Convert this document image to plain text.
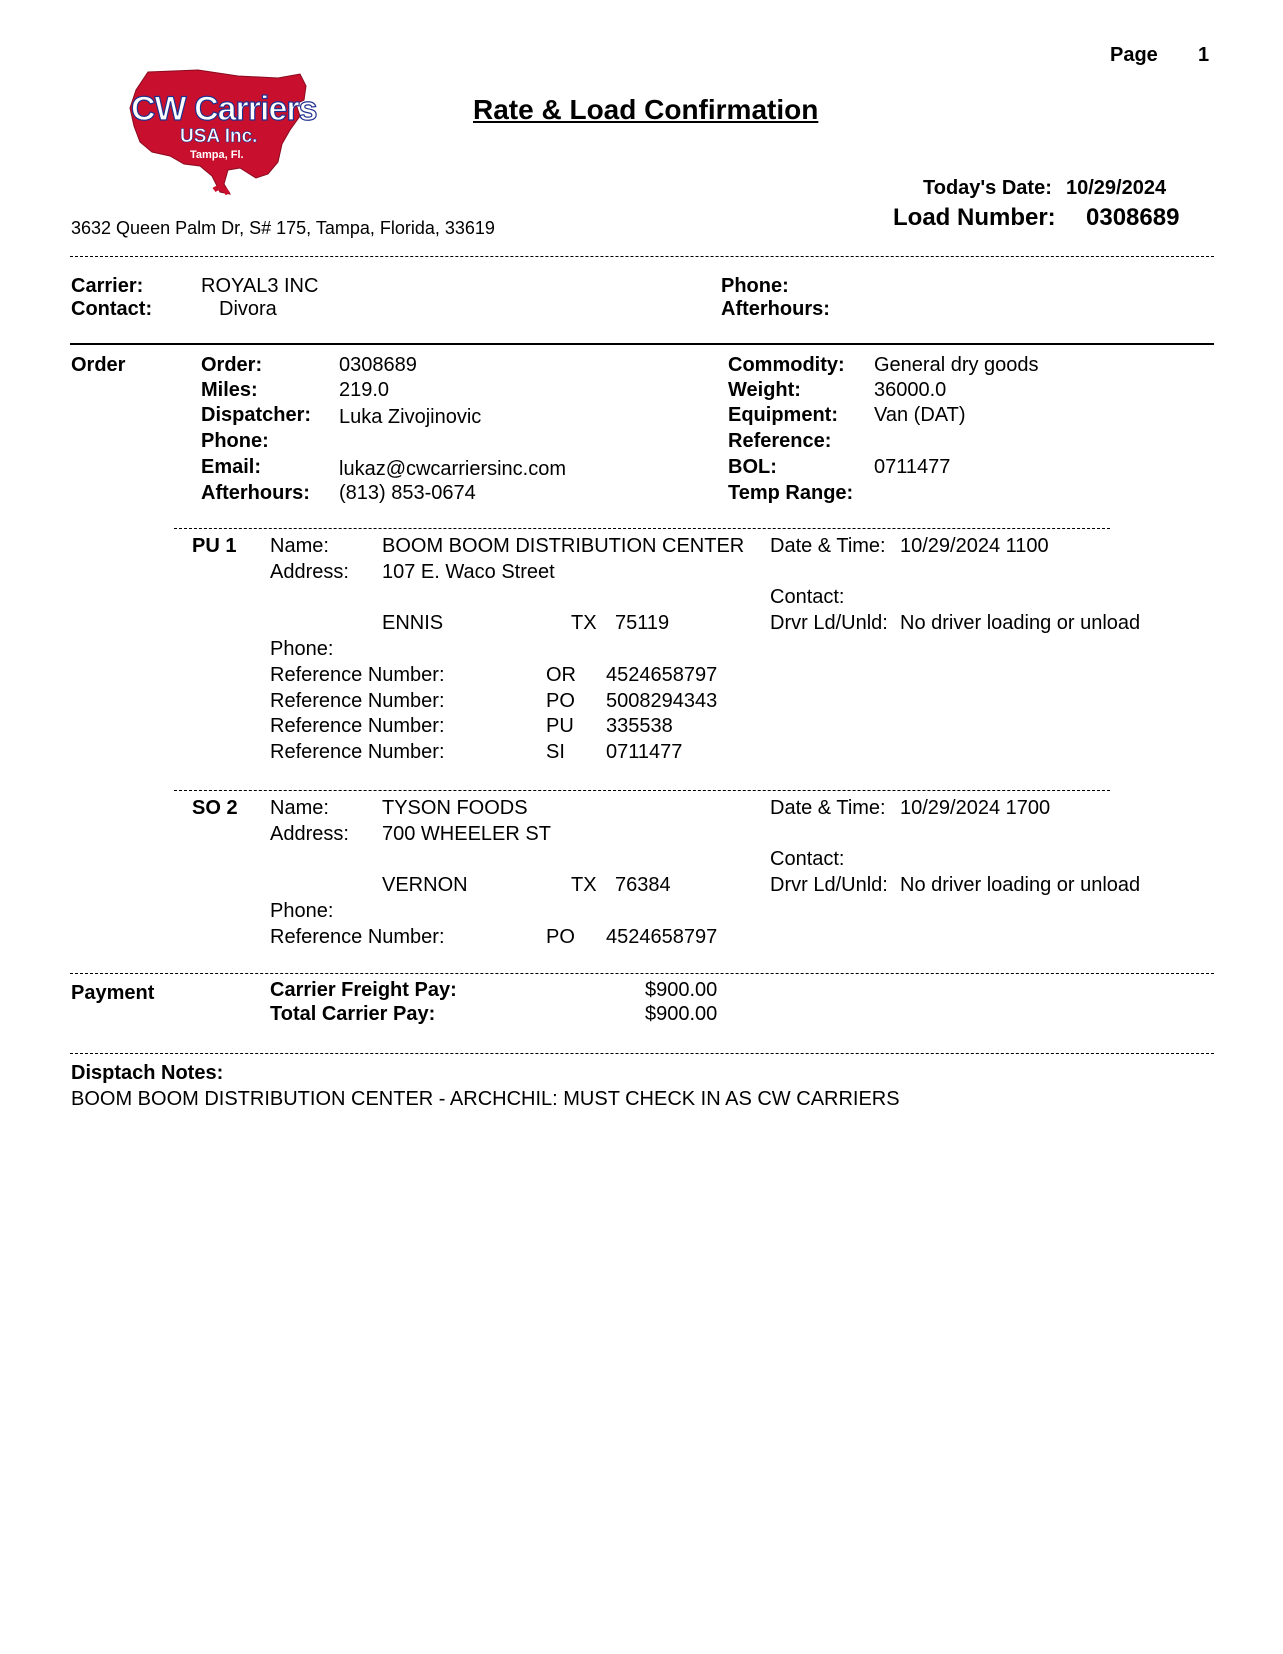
Page 1
CW Carriers
USA Inc.
Tampa, Fl.
Rate & Load Confirmation
Today's Date: 10/29/2024
Load Number: 0308689
3632 Queen Palm Dr, S# 175, Tampa, Florida, 33619
Carrier:	ROYAL3 INC
Contact:	Divora
Phone:
Afterhours:
Order	Order:	0308689
Miles:	219.0
Dispatcher: Luka Zivojinovic
Phone:
Email:	lukaz@cwcarriersinc.com
Afterhours: (813) 853-0674
Commodity: General dry goods
Weight:	36000.0
Equipment: Van (DAT)
Reference:
BOL:	0711477
Temp Range:
PU 1 Name:	BOOM BOOM DISTRIBUTION CENTER Date & Time: 10/29/2024 1100
Address: 107 E. Waco Street
Contact:
ENNIS	TX 75119	Drvr Ld/Unld: No driver loading or unload
Phone:
Reference Number:	OR 4524658797
Reference Number:	PO 5008294343
Reference Number:	PU 335538
Reference Number:	SI 0711477
SO 2 Name:	TYSON FOODS	Date & Time: 10/29/2024 1700
Address: 700 WHEELER ST
Contact:
VERNON	TX 76384	Drvr Ld/Unld: No driver loading or unload
Phone:
Reference Number:	PO 4524658797
Payment	Carrier Freight Pay:	$900.00
Total Carrier Pay:	$900.00
Disptach Notes:
BOOM BOOM DISTRIBUTION CENTER - ARCHCHIL: MUST CHECK IN AS CW CARRIERS
